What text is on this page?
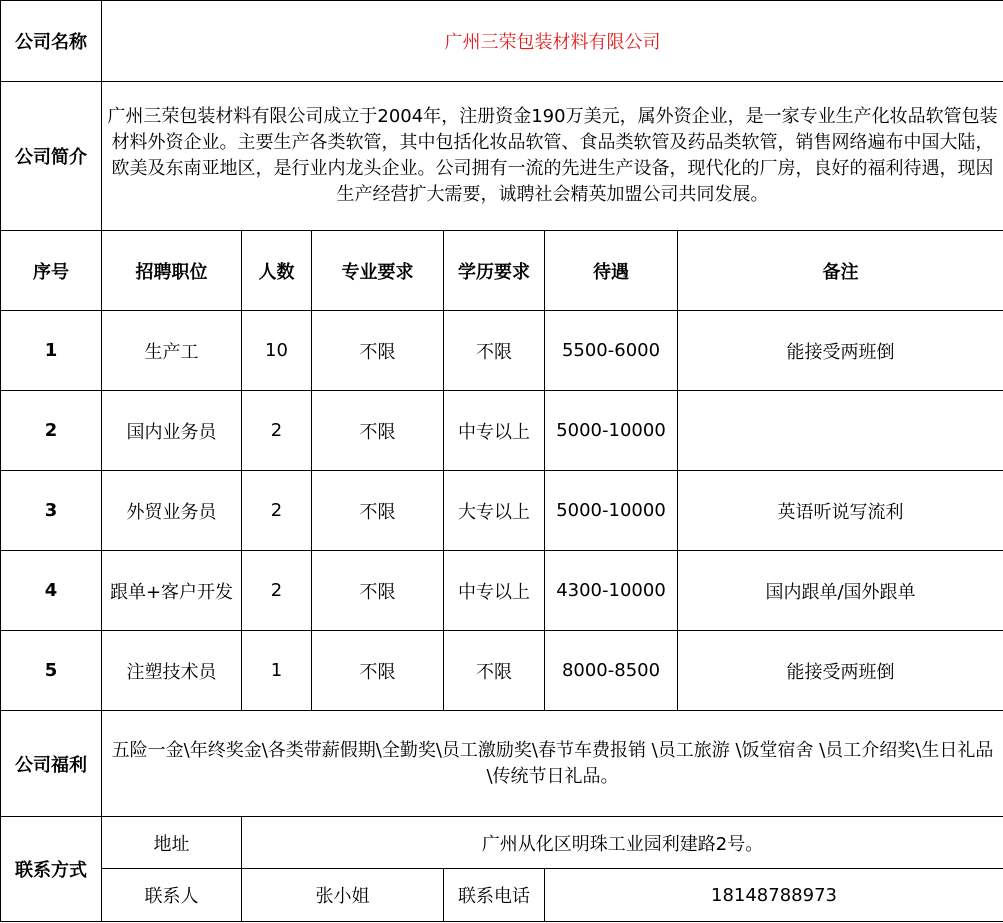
公司名称	广州三荣包装材料有限公司					
公司简介	广州三荣包装材料有限公司成立于2004年，注册资金190万美元，属外资企业，是一家专业生产化妆品软管包装材料外资企业。主要生产各类软管，其中包括化妆品软管、食品类软管及药品类软管，销售网络遍布中国大陆，欧美及东南亚地区，是行业内龙头企业。公司拥有一流的先进生产设备，现代化的厂房，良好的福利待遇，现因生产经营扩大需要，诚聘社会精英加盟公司共同发展。					
序号	招聘职位	人数	专业要求	学历要求	待遇	备注
1	生产工	10	不限	不限	5500-6000	能接受两班倒
2	国内业务员	2	不限	中专以上	5000-10000	
3	外贸业务员	2	不限	大专以上	5000-10000	英语听说写流利
4	跟单+客户开发	2	不限	中专以上	4300-10000	国内跟单/国外跟单
5	注塑技术员	1	不限	不限	8000-8500	能接受两班倒
公司福利	五险一金\年终奖金\各类带薪假期\全勤奖\员工激励奖\春节车费报销 \员工旅游 \饭堂宿舍 \员工介绍奖\生日礼品\传统节日礼品。					
联系方式	地址	广州从化区明珠工业园利建路2号。				
	联系人	张小姐		联系电话	18148788973	
